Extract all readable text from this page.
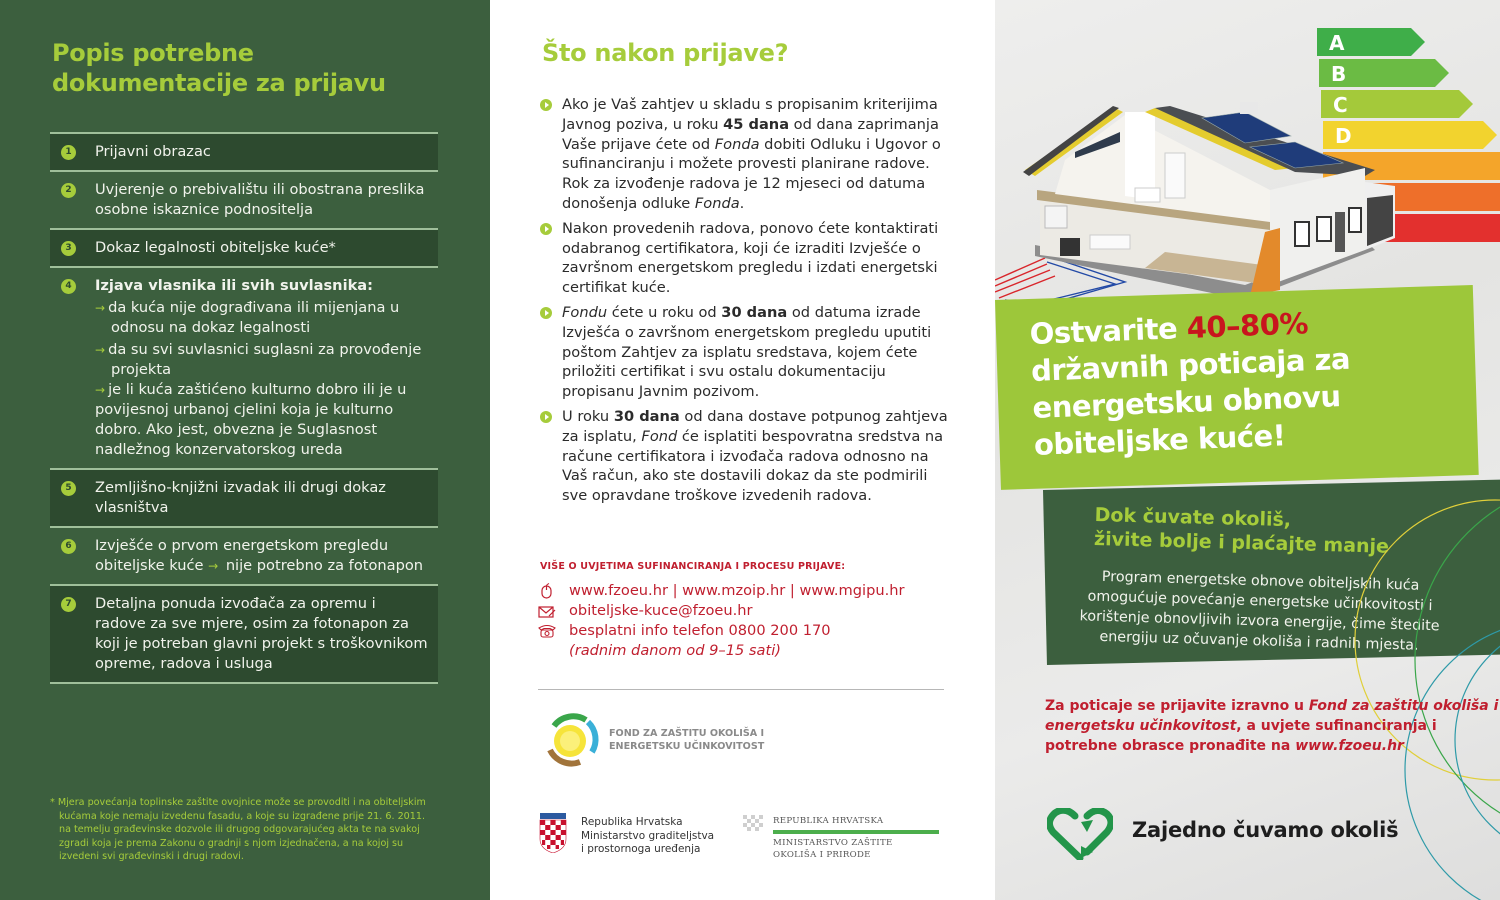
Popis potrebne dokumentacije za prijavu
1 Prijavni obrazac
2 Uvjerenje o prebivalištu ili obostrana preslika osobne iskaznice podnositelja
3 Dokaz legalnosti obiteljske kuće*
4 Izjava vlasnika ili svih suvlasnika:
→ da kuća nije dograđivana ili mijenjana u odnosu na dokaz legalnosti
→ da su svi suvlasnici suglasni za provođenje projekta
→ je li kuća zaštićeno kulturno dobro ili je u povijesnoj urbanoj cjelini koja je kulturno dobro. Ako jest, obvezna je Suglasnost nadležnog konzervatorskog ureda
5 Zemljišno-knjižni izvadak ili drugi dokaz vlasništva
6 Izvješće o prvom energetskom pregledu obiteljske kuće → nije potrebno za fotonapon
7 Detaljna ponuda izvođača za opremu i radove za sve mjere, osim za fotonapon za koji je potreban glavni projekt s troškovnikom opreme, radova i usluga

* Mjera povećanja toplinske zaštite ovojnice može se provoditi i na obiteljskim kućama koje nemaju izvedenu fasadu, a koje su izgrađene prije 21. 6. 2011. na temelju građevinske dozvole ili drugog odgovarajućeg akta te na svakoj zgradi koja je prema Zakonu o gradnji s njom izjednačena, a na kojoj su izvedeni svi građevinski i drugi radovi.

Što nakon prijave?
Ako je Vaš zahtjev u skladu s propisanim kriterijima Javnog poziva, u roku 45 dana od dana zaprimanja Vaše prijave ćete od Fonda dobiti Odluku i Ugovor o sufinanciranju i možete provesti planirane radove. Rok za izvođenje radova je 12 mjeseci od datuma donošenja odluke Fonda.
Nakon provedenih radova, ponovo ćete kontaktirati odabranog certifikatora, koji će izraditi Izvješće o završnom energetskom pregledu i izdati energetski certifikat kuće.
Fondu ćete u roku od 30 dana od datuma izrade Izvješća o završnom energetskom pregledu uputiti poštom Zahtjev za isplatu sredstava, kojem ćete priložiti certifikat i svu ostalu dokumentaciju propisanu Javnim pozivom.
U roku 30 dana od dana dostave potpunog zahtjeva za isplatu, Fond će isplatiti bespovratna sredstva na račune certifikatora i izvođača radova odnosno na Vaš račun, ako ste dostavili dokaz da ste podmirili sve opravdane troškove izvedenih radova.
VIŠE O UVJETIMA SUFINANCIRANJA I PROCESU PRIJAVE:
www.fzoeu.hr | www.mzoip.hr | www.mgipu.hr
obiteljske-kuce@fzoeu.hr
besplatni info telefon 0800 200 170
(radnim danom od 9–15 sati)
FOND ZA ZAŠTITU OKOLIŠA I
ENERGETSKU UČINKOVITOST
Republika Hrvatska
Ministarstvo graditeljstva
i prostornoga uređenja
REPUBLIKA HRVATSKA
MINISTARSTVO ZAŠTITE
OKOLIŠA I PRIRODE
A
B
C
D
Ostvarite 40–80%
državnih poticaja za energetsku obnovu obiteljske kuće!
Dok čuvate okoliš,
živite bolje i plaćajte manje

Program energetske obnove obiteljskih kuća omogućuje povećanje energetske učinkovitosti i korištenje obnovljivih izvora energije, čime štedite energiju uz očuvanje okoliša i radnih mjesta.

Za poticaje se prijavite izravno u Fond za zaštitu okoliša i energetsku učinkovitost, a uvjete sufinanciranja i potrebne obrasce pronađite na www.fzoeu.hr

Zajedno čuvamo okoliš
